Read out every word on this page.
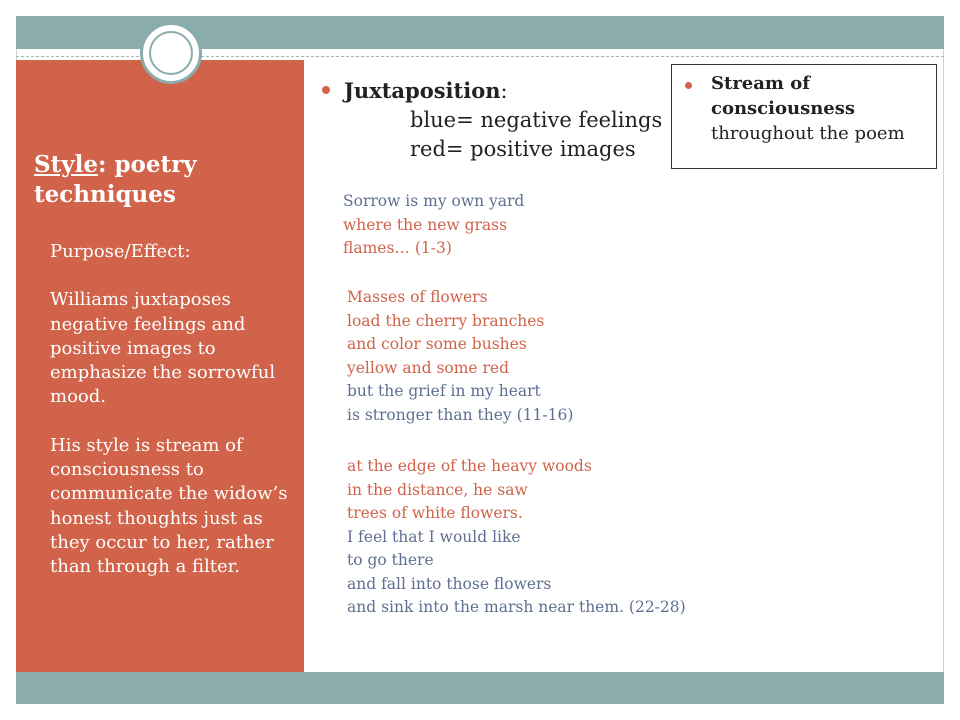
Style: poetry techniques

Purpose/Effect:

Williams juxtaposes negative feelings and positive images to emphasize the sorrowful mood.

His style is stream of consciousness to communicate the widow’s honest thoughts just as they occur to her, rather than through a filter.

Juxtaposition:
blue= negative feelings
red= positive images
Stream of consciousness
throughout the poem
Sorrow is my own yard
where the new grass
flames… (1-3)
Masses of flowers
load the cherry branches
and color some bushes
yellow and some red
but the grief in my heart
is stronger than they (11-16)
at the edge of the heavy woods
in the distance, he saw
trees of white flowers.
I feel that I would like
to go there
and fall into those flowers
and sink into the marsh near them. (22-28)
